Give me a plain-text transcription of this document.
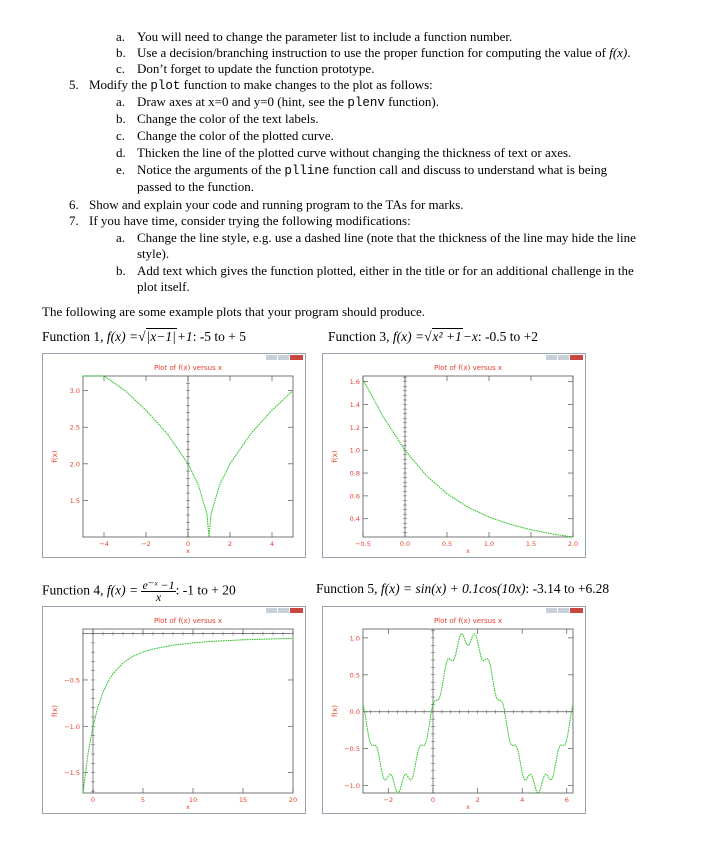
a. You will need to change the parameter list to include a function number.
b. Use a decision/branching instruction to use the proper function for computing the value of f(x).
c. Don’t forget to update the function prototype.
5. Modify the plot function to make changes to the plot as follows:
a. Draw axes at x=0 and y=0 (hint, see the plenv function).
b. Change the color of the text labels.
c. Change the color of the plotted curve.
d. Thicken the line of the plotted curve without changing the thickness of text or axes.
e. Notice the arguments of the plline function call and discuss to understand what is being
passed to the function.
6. Show and explain your code and running program to the TAs for marks.
7. If you have time, consider trying the following modifications:
a. Change the line style, e.g. use a dashed line (note that the thickness of the line may hide the line
style).
b. Add text which gives the function plotted, either in the title or for an additional challenge in the
plot itself.
The following are some example plots that your program should produce.
Function 1, f(x) =√|x−1|+1: -5 to + 5	Function 3, f(x) =√x² +1−x: -0.5 to +2
Function 4, $f(x) = \frac{\text{e⁻ˣ −1}}{x}$ : -1 to + 20	Function 5, f(x) = sin(x) + 0.1cos(10x): -3.14 to +6.28
Plot of f(x) versus x
x
f(x)
−4	−2	0	2	4
1.5
2.0
2.5
3.0
Plot of f(x) versus x
x
f(x)
−0.5	0.0	0.5	1.0	1.5	2.0
0.4
0.6
0.8
1.0
1.2
1.4
1.6
Plot of f(x) versus x
x
f(x)
0	5	10	15	20
−1.5
−1.0
−0.5
Plot of f(x) versus x
x
f(x)
−2	0	2	4	6
−1.0
−0.5
0.0
0.5
1.0
